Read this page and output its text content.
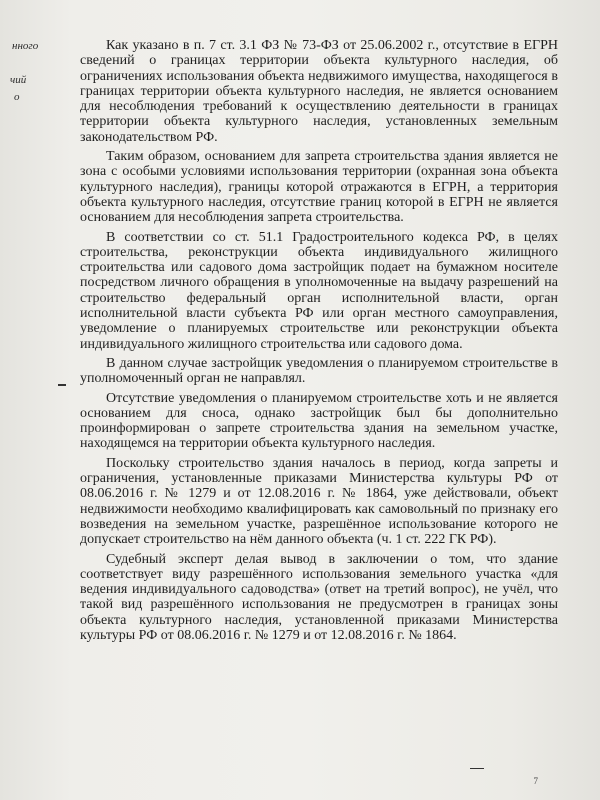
нного
чий
о

Как указано в п. 7 ст. 3.1 ФЗ № 73-ФЗ от 25.06.2002 г., отсутствие в ЕГРН сведений о границах территории объекта культурного наследия, об ограничениях использования объекта недвижимого имущества, находящегося в границах территории объекта культурного наследия, не является основанием для несоблюдения требований к осуществлению деятельности в границах территории объекта культурного наследия, установленных земельным законодательством РФ.

Таким образом, основанием для запрета строительства здания является не зона с особыми условиями использования территории (охранная зона объекта культурного наследия), границы которой отражаются в ЕГРН, а территория объекта культурного наследия, отсутствие границ которой в ЕГРН не является основанием для несоблюдения запрета строительства.

В соответствии со ст. 51.1 Градостроительного кодекса РФ, в целях строительства, реконструкции объекта индивидуального жилищного строительства или садового дома застройщик подает на бумажном носителе посредством личного обращения в уполномоченные на выдачу разрешений на строительство федеральный орган исполнительной власти, орган исполнительной власти субъекта РФ или орган местного самоуправления, уведомление о планируемых строительстве или реконструкции объекта индивидуального жилищного строительства или садового дома.

В данном случае застройщик уведомления о планируемом строительстве в уполномоченный орган не направлял.

Отсутствие уведомления о планируемом строительстве хоть и не является основанием для сноса, однако застройщик был бы дополнительно проинформирован о запрете строительства здания на земельном участке, находящемся на территории объекта культурного наследия.

Поскольку строительство здания началось в период, когда запреты и ограничения, установленные приказами Министерства культуры РФ от 08.06.2016 г. № 1279 и от 12.08.2016 г. № 1864, уже действовали, объект недвижимости необходимо квалифицировать как самовольный по признаку его возведения на земельном участке, разрешённое использование которого не допускает строительство на нём данного объекта (ч. 1 ст. 222 ГК РФ).

Судебный эксперт делая вывод в заключении о том, что здание соответствует виду разрешённого использования земельного участка «для ведения индивидуального садоводства» (ответ на третий вопрос), не учёл, что такой вид разрешённого использования не предусмотрен в границах зоны объекта культурного наследия, установленной приказами Министерства культуры РФ от 08.06.2016 г. № 1279 и от 12.08.2016 г. № 1864.

7
